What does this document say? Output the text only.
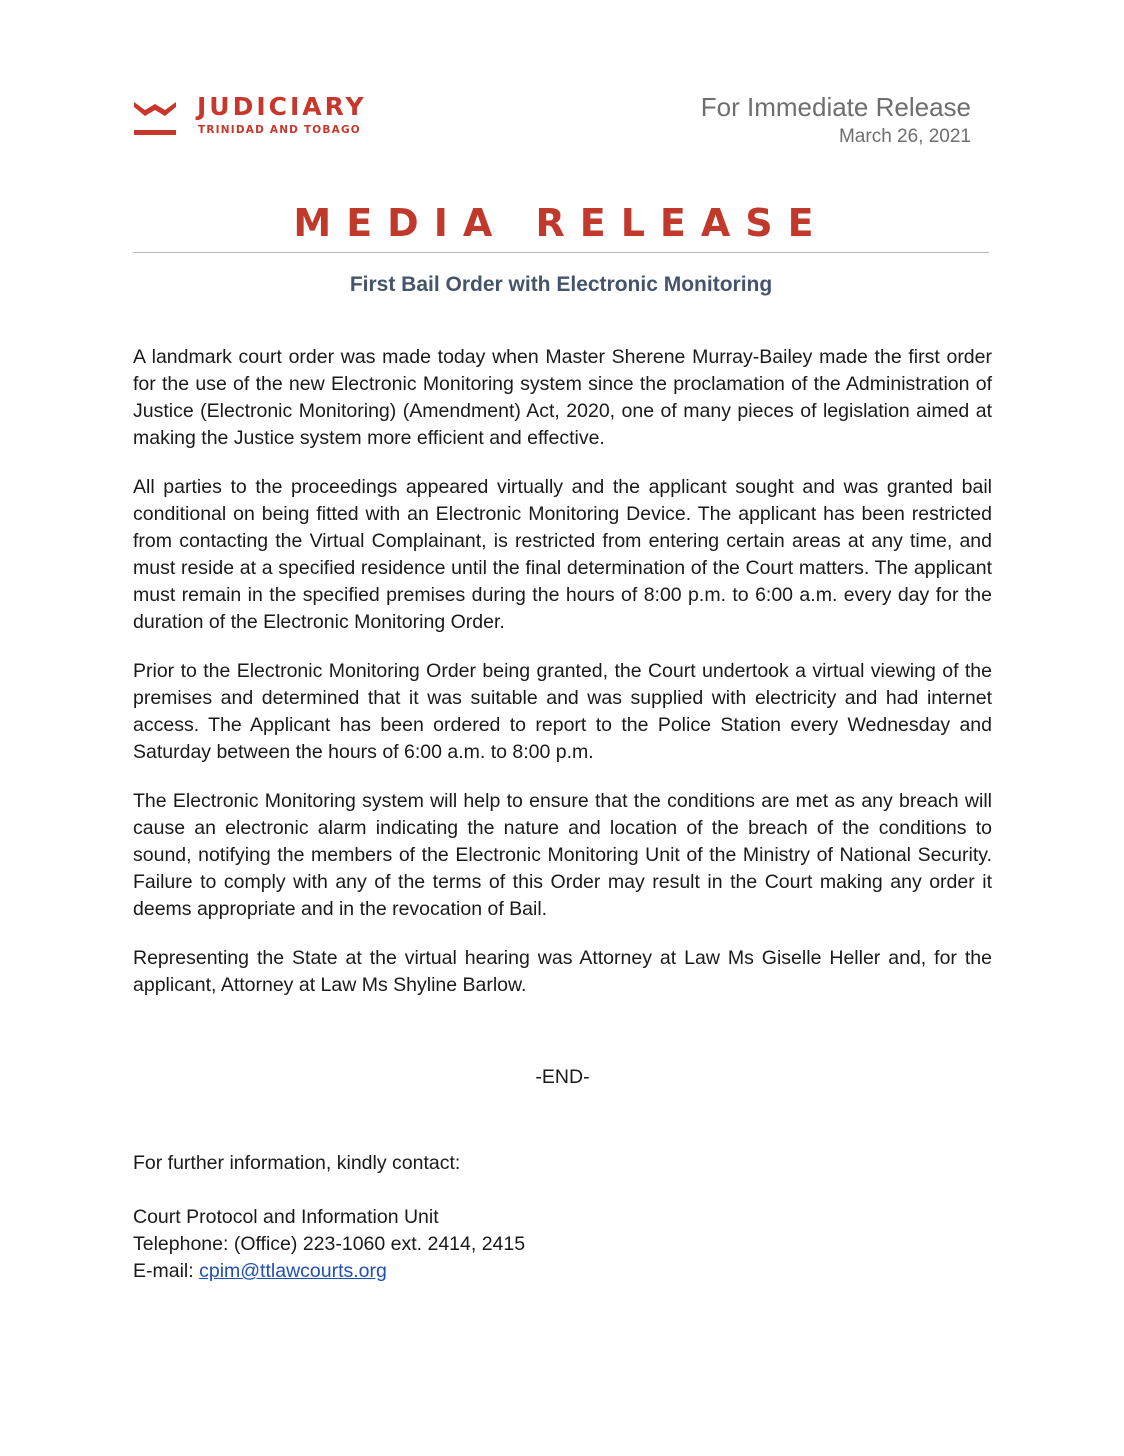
JUDICIARY
TRINIDAD AND TOBAGO
For Immediate Release
March 26, 2021
MEDIA RELEASE
First Bail Order with Electronic Monitoring

A landmark court order was made today when Master Sherene Murray-Bailey made the first order for the use of the new Electronic Monitoring system since the proclamation of the Administration of Justice (Electronic Monitoring) (Amendment) Act, 2020, one of many pieces of legislation aimed at making the Justice system more efficient and effective.

All parties to the proceedings appeared virtually and the applicant sought and was granted bail conditional on being fitted with an Electronic Monitoring Device. The applicant has been restricted from contacting the Virtual Complainant, is restricted from entering certain areas at any time, and must reside at a specified residence until the final determination of the Court matters. The applicant must remain in the specified premises during the hours of 8:00 p.m. to 6:00 a.m. every day for the duration of the Electronic Monitoring Order.

Prior to the Electronic Monitoring Order being granted, the Court undertook a virtual viewing of the premises and determined that it was suitable and was supplied with electricity and had internet access. The Applicant has been ordered to report to the Police Station every Wednesday and Saturday between the hours of 6:00 a.m. to 8:00 p.m.

The Electronic Monitoring system will help to ensure that the conditions are met as any breach will cause an electronic alarm indicating the nature and location of the breach of the conditions to sound, notifying the members of the Electronic Monitoring Unit of the Ministry of National Security. Failure to comply with any of the terms of this Order may result in the Court making any order it deems appropriate and in the revocation of Bail.

Representing the State at the virtual hearing was Attorney at Law Ms Giselle Heller and, for the applicant, Attorney at Law Ms Shyline Barlow.

-END-
For further information, kindly contact:
Court Protocol and Information Unit
Telephone: (Office) 223-1060 ext. 2414, 2415
E-mail: cpim@ttlawcourts.org
